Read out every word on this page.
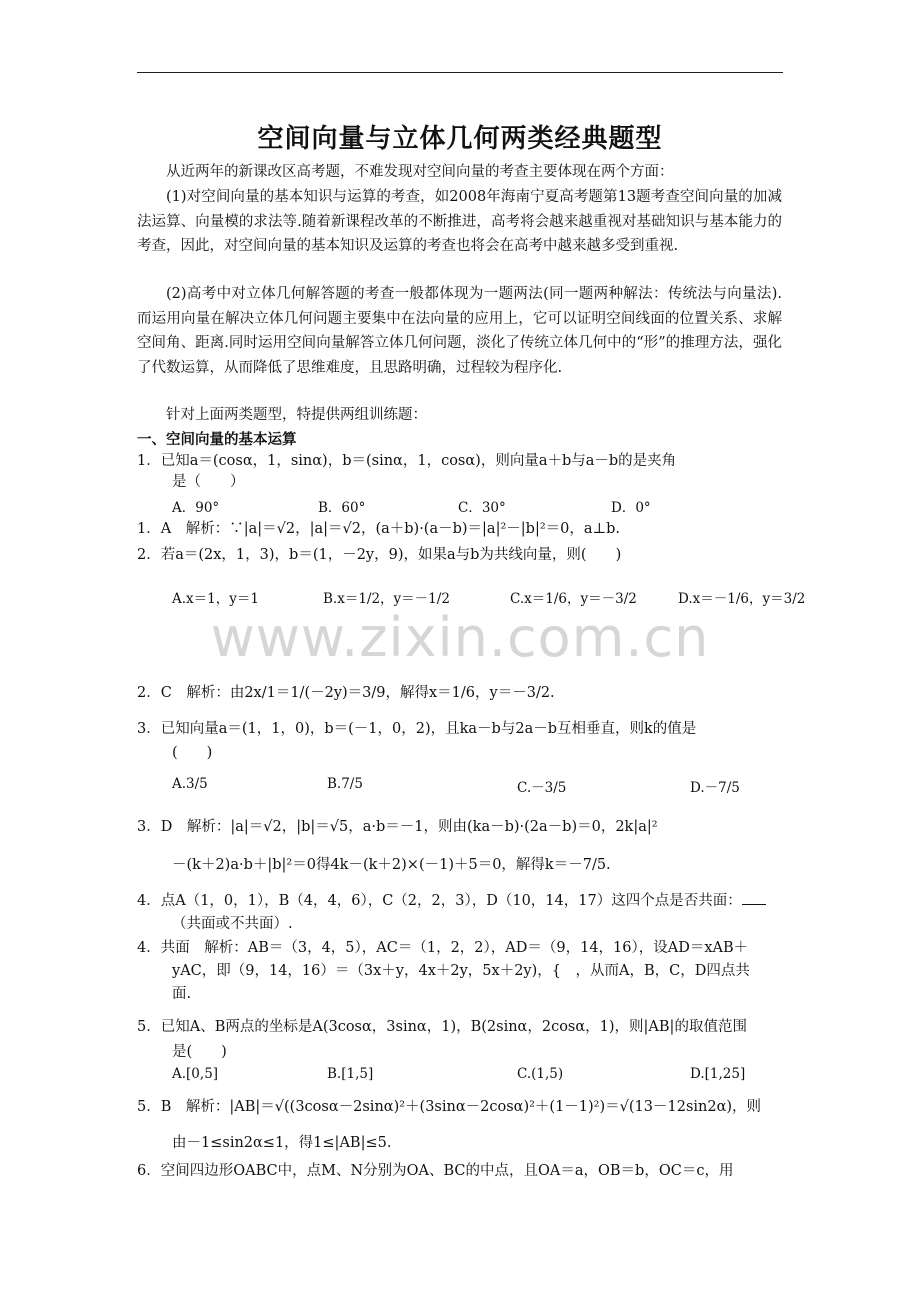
空间向量与立体几何两类经典题型
从近两年的新课改区高考题，不难发现对空间向量的考查主要体现在两个方面：
(1)对空间向量的基本知识与运算的考查，如2008年海南宁夏高考题第13题考查空间向量的加减法运算、向量模的求法等.随着新课程改革的不断推进，高考将会越来越重视对基础知识与基本能力的考查，因此，对空间向量的基本知识及运算的考查也将会在高考中越来越多受到重视.
(2)高考中对立体几何解答题的考查一般都体现为一题两法(同一题两种解法：传统法与向量法).而运用向量在解决立体几何问题主要集中在法向量的应用上，它可以证明空间线面的位置关系、求解空间角、距离.同时运用空间向量解答立体几何问题，淡化了传统立体几何中的“形”的推理方法，强化了代数运算，从而降低了思维难度，且思路明确，过程较为程序化.
针对上面两类题型，特提供两组训练题：
一、空间向量的基本运算
1．已知a＝(cosα，1，sinα)，b＝(sinα，1，cosα)，则向量a＋b与a－b的是夹角
是（　　）
A．90°	B．60°	C．30°	D．0°
1．A　解析：∵|a|＝√2，|a|＝√2，(a＋b)·(a－b)＝|a|²－|b|²＝0，a⊥b.
2．若a＝(2x，1，3)，b＝(1，－2y，9)，如果a与b为共线向量，则(　　)
A.x＝1，y＝1	B.x＝1/2，y＝－1/2	C.x＝1/6，y＝－3/2	D.x＝－1/6，y＝3/2
2．C　解析：由2x/1＝1/(－2y)＝3/9，解得x＝1/6，y＝－3/2.
www.zixin.com.cn
3．已知向量a＝(1，1，0)，b＝(－1，0，2)，且ka－b与2a－b互相垂直，则k的值是
(　　)
A.3/5	B.7/5	C.－3/5	D.－7/5
3．D　解析：|a|＝√2，|b|＝√5，a·b＝－1，则由(ka－b)·(2a－b)＝0，2k|a|²
－(k＋2)a·b＋|b|²＝0得4k－(k＋2)×(－1)＋5＝0，解得k＝－7/5.
4．点A（1，0，1），B（4，4，6），C（2，2，3），D（10，14，17）这四个点是否共面：
（共面或不共面）.
4．共面　解析：AB＝（3，4，5），AC＝（1，2，2），AD＝（9，14，16），设AD＝xAB＋
yAC，即（9，14，16）＝（3x＋y，4x＋2y，5x＋2y)，{　，从而A，B，C，D四点共
面.
5．已知A、B两点的坐标是A(3cosα，3sinα，1)，B(2sinα，2cosα，1)，则|AB|的取值范围
是(　　)
A.[0,5]	B.[1,5]	C.(1,5)	D.[1,25]
5．B　解析：|AB|＝√((3cosα－2sinα)²＋(3sinα－2cosα)²＋(1－1)²)＝√(13－12sin2α)，则
由－1≤sin2α≤1，得1≤|AB|≤5.
6．空间四边形OABC中，点M、N分别为OA、BC的中点，且OA＝a，OB＝b，OC＝c，用
